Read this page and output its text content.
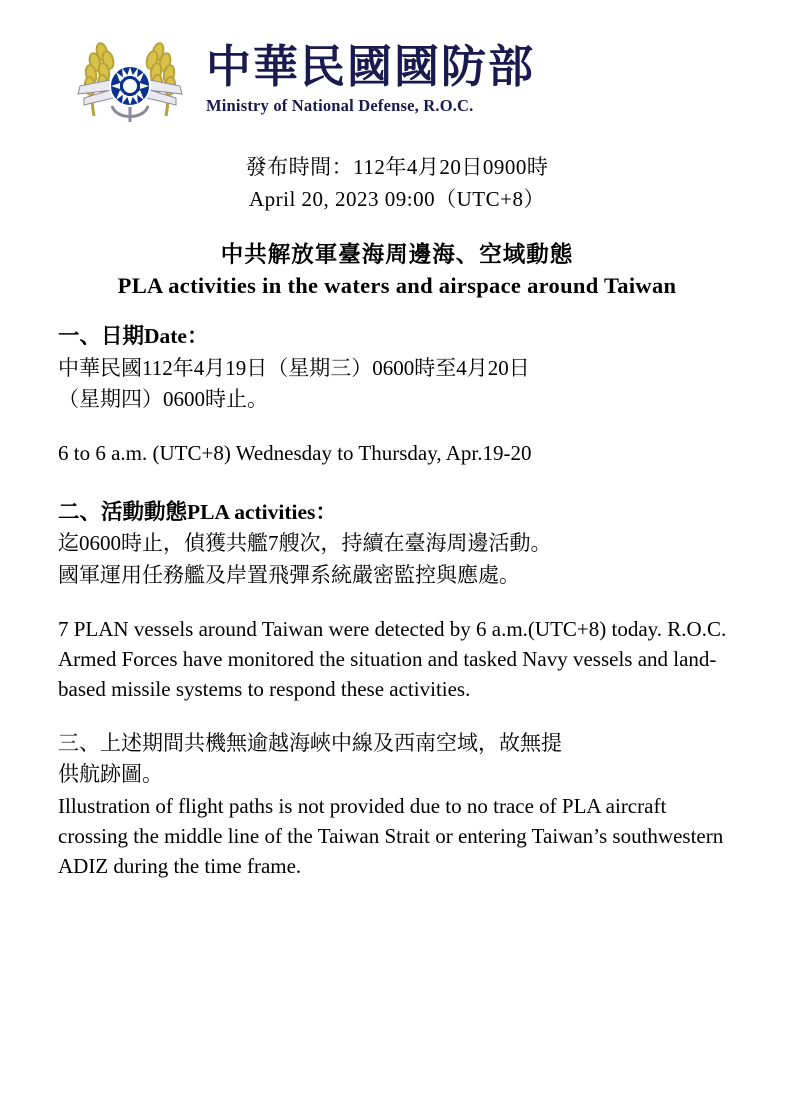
中華民國國防部
Ministry of National Defense, R.O.C.
發布時間：112年4月20日0900時
April 20, 2023 09:00（UTC+8）
中共解放軍臺海周邊海、空域動態
PLA activities in the waters and airspace around Taiwan
一、日期Date：
中華民國112年4月19日（星期三）0600時至4月20日
（星期四）0600時止。
6 to 6 a.m. (UTC+8) Wednesday to Thursday, Apr.19-20
二、活動動態PLA activities：
迄0600時止，偵獲共艦7艘次，持續在臺海周邊活動。
國軍運用任務艦及岸置飛彈系統嚴密監控與應處。
7 PLAN vessels around Taiwan were detected by 6 a.m.(UTC+8) today. R.O.C. Armed Forces have monitored the situation and tasked Navy vessels and land-based missile systems to respond these activities.
三、上述期間共機無逾越海峽中線及西南空域，故無提
供航跡圖。
Illustration of flight paths is not provided due to no trace of PLA aircraft crossing the middle line of the Taiwan Strait or entering Taiwan’s southwestern ADIZ during the time frame.
